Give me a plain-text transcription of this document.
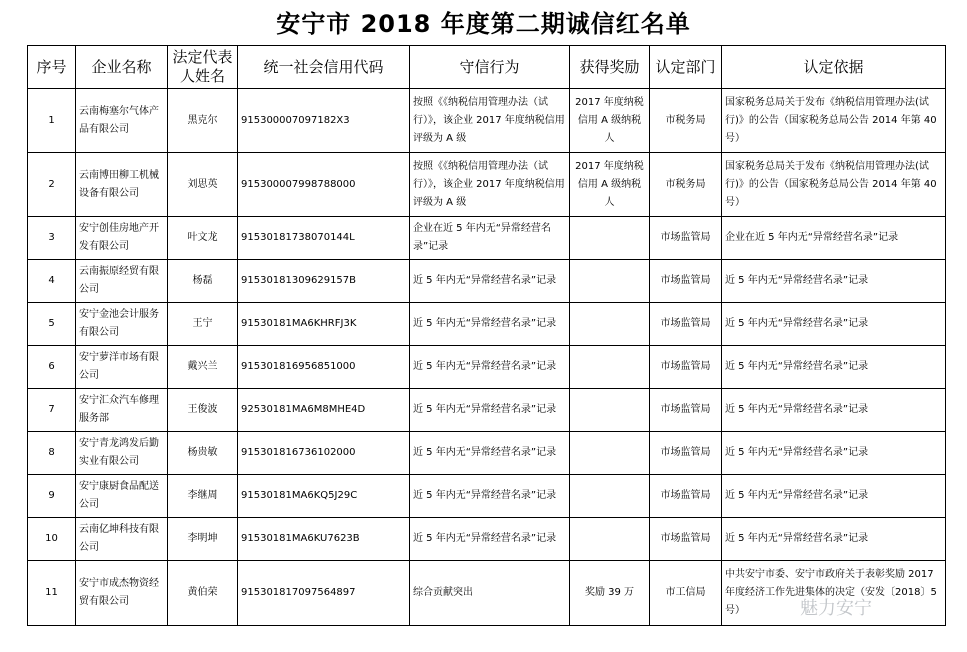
安宁市 2018 年度第二期诚信红名单
序号	企业名称	法定代表人姓名	统一社会信用代码	守信行为	获得奖励	认定部门	认定依据
1	云南梅塞尔气体产品有限公司	黑克尔	915300007097182X3	按照《《纳税信用管理办法（试行）》，该企业 2017 年度纳税信用评级为 A 级	2017 年度纳税信用 A 级纳税人	市税务局	国家税务总局关于发布《纳税信用管理办法(试行)》的公告（国家税务总局公告 2014 年第 40 号）
2	云南博田柳工机械设备有限公司	刘思英	915300007998788000	按照《《纳税信用管理办法（试行）》，该企业 2017 年度纳税信用评级为 A 级	2017 年度纳税信用 A 级纳税人	市税务局	国家税务总局关于发布《纳税信用管理办法(试行)》的公告（国家税务总局公告 2014 年第 40 号）
3	安宁创佳房地产开发有限公司	叶文龙	91530181738070144L	企业在近 5 年内无“异常经营名录”记录		市场监管局	企业在近 5 年内无“异常经营名录”记录
4	云南振原经贸有限公司	杨磊	91530181309629157B	近 5 年内无“异常经营名录”记录		市场监管局	近 5 年内无“异常经营名录”记录
5	安宁金池会计服务有限公司	王宁	91530181MA6KHRFJ3K	近 5 年内无“异常经营名录”记录		市场监管局	近 5 年内无“异常经营名录”记录
6	安宁萝洋市场有限公司	戴兴兰	915301816956851000	近 5 年内无“异常经营名录”记录		市场监管局	近 5 年内无“异常经营名录”记录
7	安宁汇众汽车修理服务部	王俊波	92530181MA6M8MHE4D	近 5 年内无“异常经营名录”记录		市场监管局	近 5 年内无“异常经营名录”记录
8	安宁青龙鸿发后勤实业有限公司	杨贵敏	915301816736102000	近 5 年内无“异常经营名录”记录		市场监管局	近 5 年内无“异常经营名录”记录
9	安宁康厨食品配送公司	李继周	91530181MA6KQ5J29C	近 5 年内无“异常经营名录”记录		市场监管局	近 5 年内无“异常经营名录”记录
10	云南亿坤科技有限公司	李明坤	91530181MA6KU7623B	近 5 年内无“异常经营名录”记录		市场监管局	近 5 年内无“异常经营名录”记录
11	安宁市成杰物资经贸有限公司	黄伯荣	915301817097564897	综合贡献突出	奖励 39 万	市工信局	中共安宁市委、安宁市政府关于表彰奖励 2017 年度经济工作先进集体的决定（安发〔2018〕5 号）	魅力安宁
